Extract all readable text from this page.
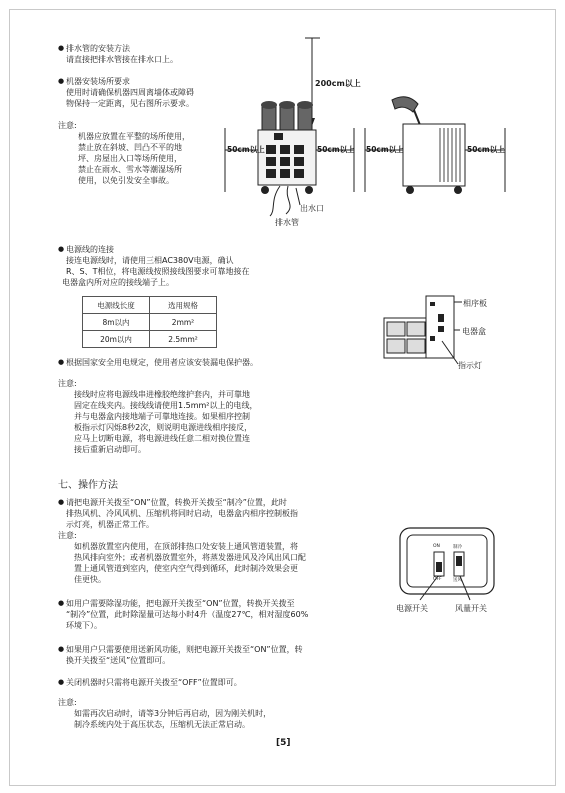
● 排水管的安装方法
请直接把排水管接在排水口上。
● 机器安装场所要求
使用时请确保机器四周离墙体或障碍
物保持一定距离，见右图所示要求。
注意:
机器应放置在平整的场所使用，
禁止放在斜坡、凹凸不平的地
坪、房屋出入口等场所使用，
禁止在雨水、雪水等潮湿场所
使用，以免引发安全事故。
200cm以上
50cm以上	50cm以上 50cm以上	50cm以上
出水口
排水管
● 电源线的连接
接连电源线时，请使用三相AC380V电源，确认
R、S、T相位，将电源线按照接线图要求可靠地接在
电器盒内所对应的接线端子上。
电源线长度	选用规格
8m以内	2mm²
20m以内	2.5mm²
● 根据国家安全用电规定，使用者应该安装漏电保护器。
注意:
接线时应将电源线串进橡胶绝缘护套内，并可靠地
固定在线夹内。接线线请使用1.5mm²以上的电线，
并与电器盒内接地端子可靠地连接。如果相序控制
板指示灯闪烁8秒2次，则说明电源进线相序接反，
应马上切断电源，将电源进线任意二相对换位置连
接后重新启动即可。
相序板
电器盒
指示灯
七、操作方法
● 请把电源开关拨至“ON”位置，转换开关拨至“制冷”位置，此时
排热风机、冷风风机、压缩机将同时启动，电器盒内相序控制板指
示灯亮，机器正常工作。
注意:
如机器放置室内使用，在顶部排热口处安装上通风管道装置，将
热风排向室外；或者机器放置室外，将蒸发器进风及冷风出风口配
置上通风管道到室内，使室内空气得到循环，此时制冷效果会更
佳更快。
● 如用户需要除湿功能，把电源开关拨至“ON”位置，转换开关拨至
“制冷”位置，此时除湿量可达每小时4升（温度27℃，相对湿度60%
环境下）。
● 如果用户只需要使用送新风功能，则把电源开关拨至“ON”位置，转
换开关拨至“送风”位置即可。
● 关闭机器时只需将电源开关拨至“OFF”位置即可。
注意:
如需再次启动时，请等3分钟后再启动，因为刚关机时，
制冷系统内处于高压状态，压缩机无法正常启动。
ON
OFF
制冷
送风
电源开关	风量开关
[5]
